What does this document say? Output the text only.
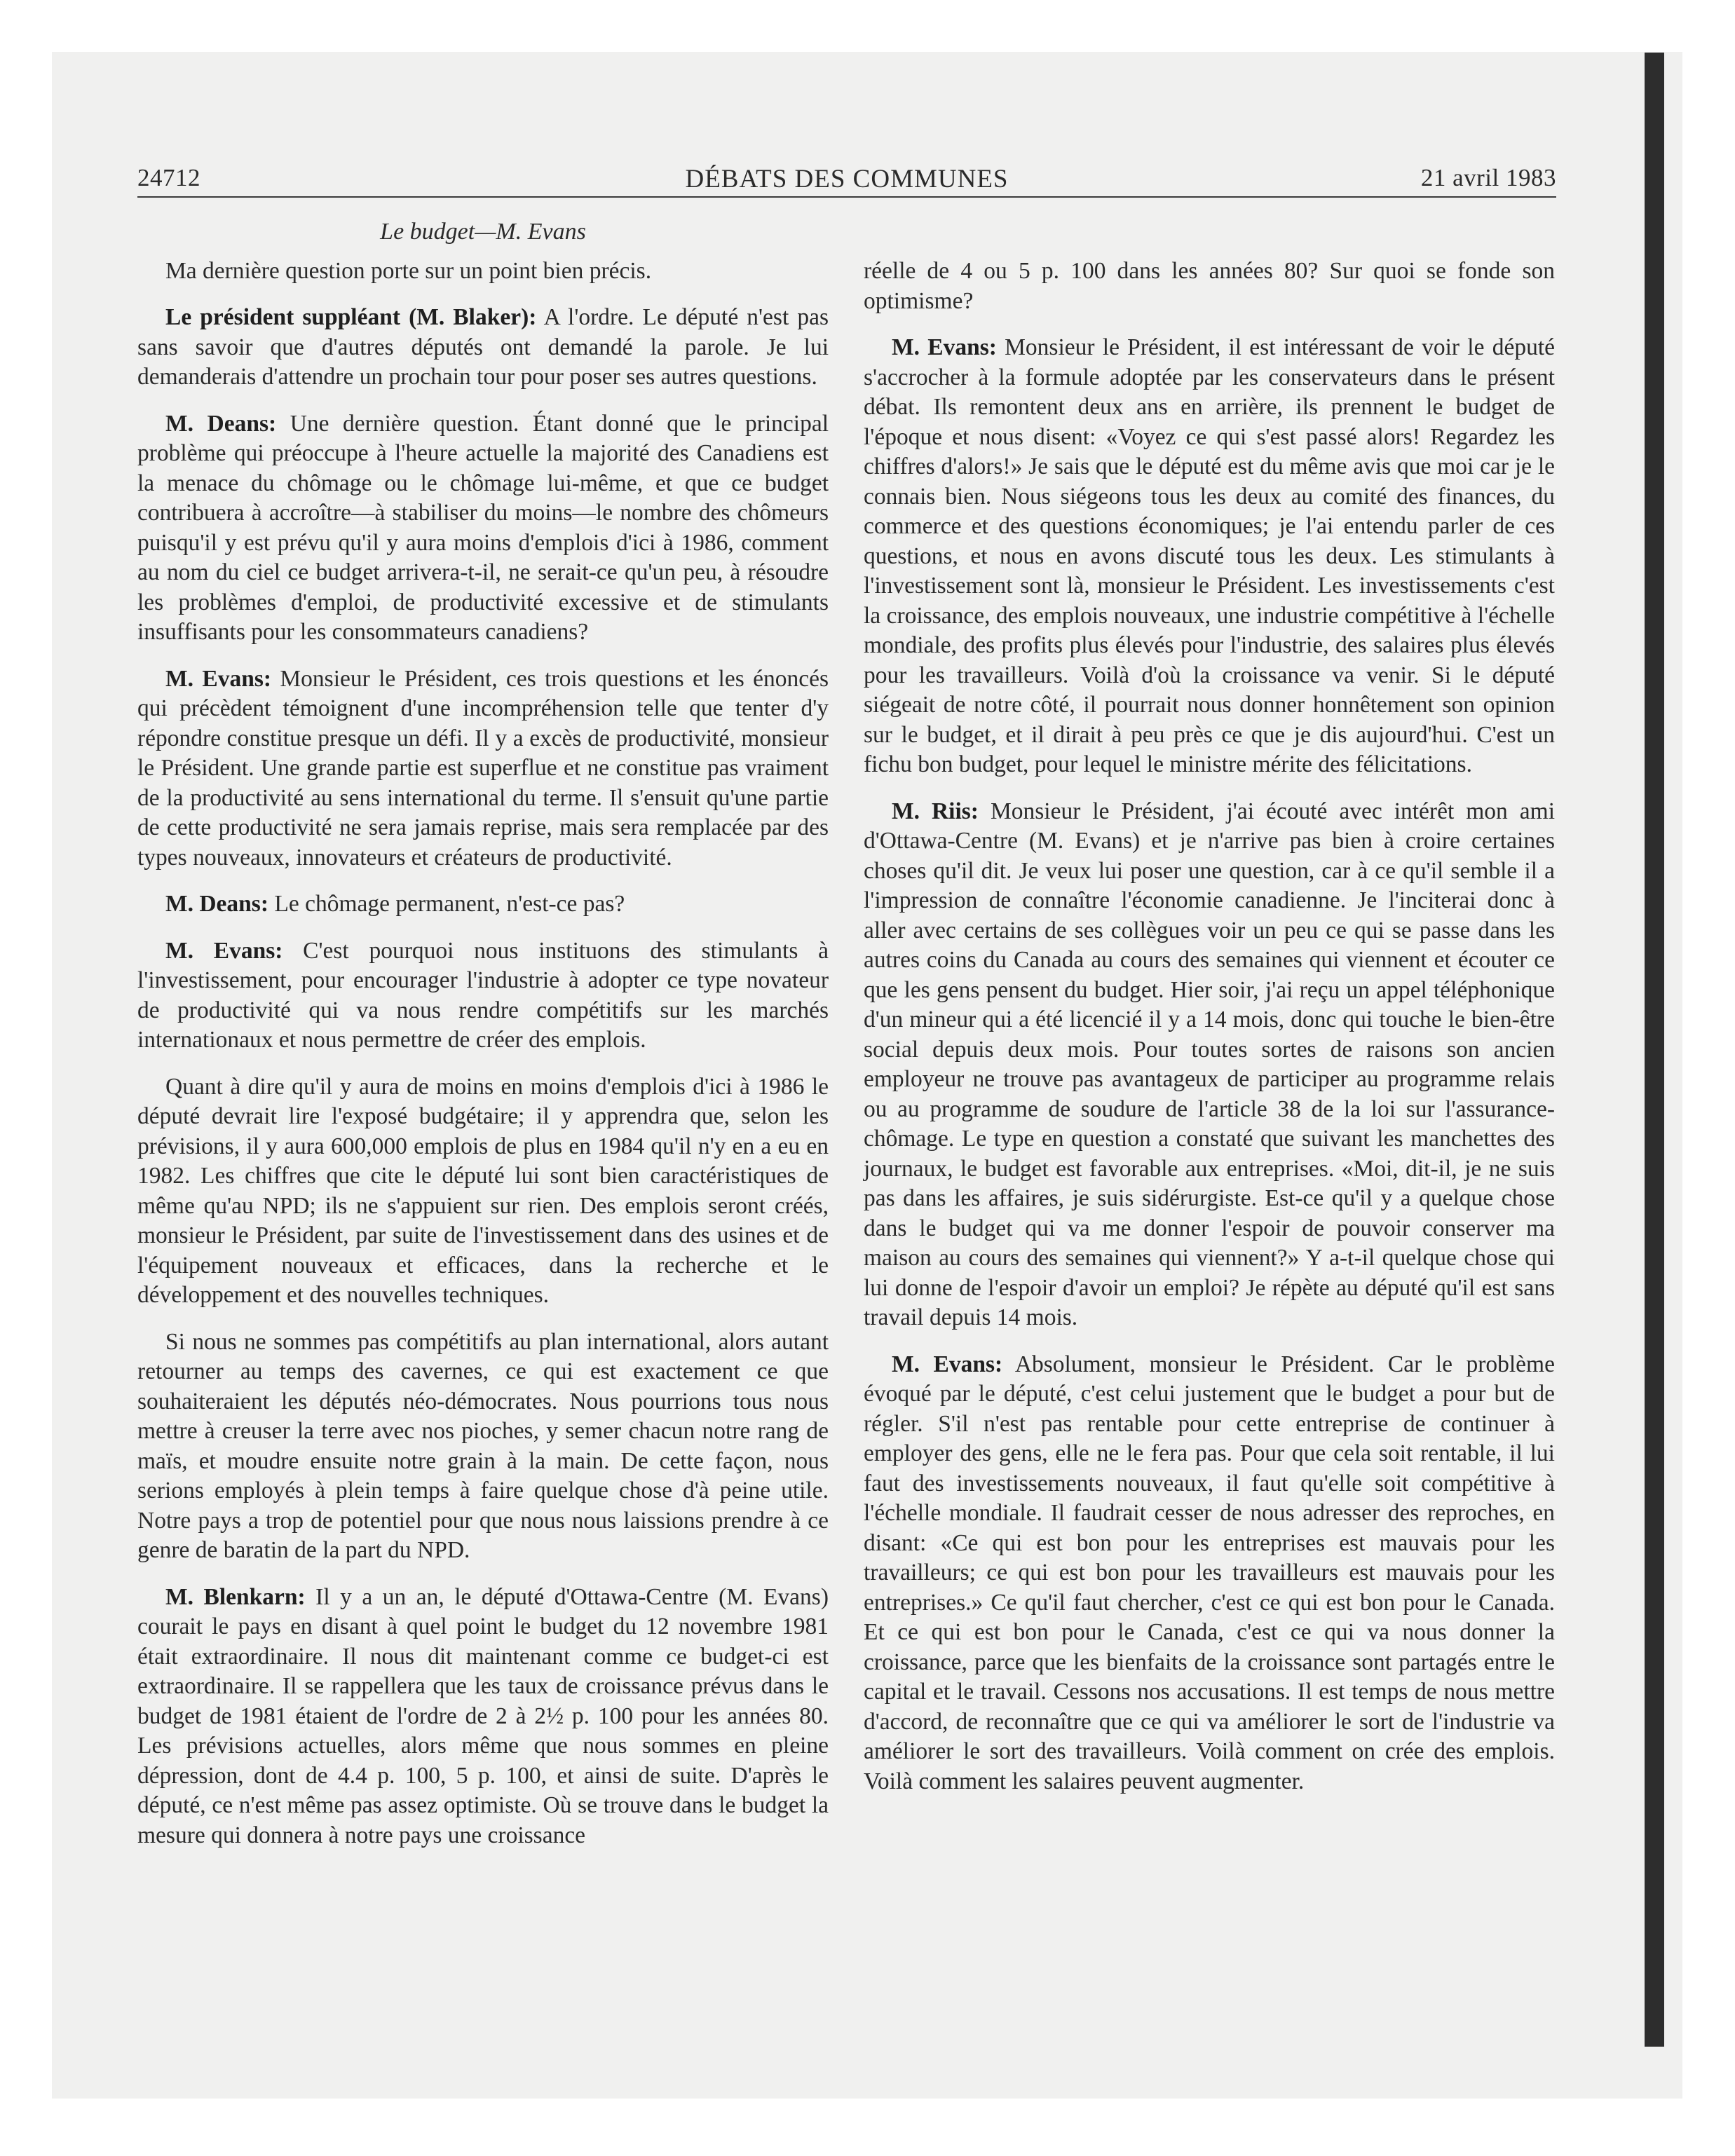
24712	DÉBATS DES COMMUNES	21 avril 1983

Le budget—M. Evans

Ma dernière question porte sur un point bien précis.

Le président suppléant (M. Blaker): A l'ordre. Le député n'est pas sans savoir que d'autres députés ont demandé la parole. Je lui demanderais d'attendre un prochain tour pour poser ses autres questions.

M. Deans: Une dernière question. Étant donné que le principal problème qui préoccupe à l'heure actuelle la majorité des Canadiens est la menace du chômage ou le chômage lui-même, et que ce budget contribuera à accroître—à stabiliser du moins—le nombre des chômeurs puisqu'il y est prévu qu'il y aura moins d'emplois d'ici à 1986, comment au nom du ciel ce budget arrivera-t-il, ne serait-ce qu'un peu, à résoudre les problèmes d'emploi, de productivité excessive et de stimulants insuffisants pour les consommateurs canadiens?

M. Evans: Monsieur le Président, ces trois questions et les énoncés qui précèdent témoignent d'une incompréhension telle que tenter d'y répondre constitue presque un défi. Il y a excès de productivité, monsieur le Président. Une grande partie est superflue et ne constitue pas vraiment de la productivité au sens international du terme. Il s'ensuit qu'une partie de cette productivité ne sera jamais reprise, mais sera remplacée par des types nouveaux, innovateurs et créateurs de productivité.

M. Deans: Le chômage permanent, n'est-ce pas?

M. Evans: C'est pourquoi nous instituons des stimulants à l'investissement, pour encourager l'industrie à adopter ce type novateur de productivité qui va nous rendre compétitifs sur les marchés internationaux et nous permettre de créer des emplois.

Quant à dire qu'il y aura de moins en moins d'emplois d'ici à 1986 le député devrait lire l'exposé budgétaire; il y apprendra que, selon les prévisions, il y aura 600,000 emplois de plus en 1984 qu'il n'y en a eu en 1982. Les chiffres que cite le député lui sont bien caractéristiques de même qu'au NPD; ils ne s'appuient sur rien. Des emplois seront créés, monsieur le Président, par suite de l'investissement dans des usines et de l'équipement nouveaux et efficaces, dans la recherche et le développement et des nouvelles techniques.

Si nous ne sommes pas compétitifs au plan international, alors autant retourner au temps des cavernes, ce qui est exactement ce que souhaiteraient les députés néo-démocrates. Nous pourrions tous nous mettre à creuser la terre avec nos pioches, y semer chacun notre rang de maïs, et moudre ensuite notre grain à la main. De cette façon, nous serions employés à plein temps à faire quelque chose d'à peine utile. Notre pays a trop de potentiel pour que nous nous laissions prendre à ce genre de baratin de la part du NPD.

M. Blenkarn: Il y a un an, le député d'Ottawa-Centre (M. Evans) courait le pays en disant à quel point le budget du 12 novembre 1981 était extraordinaire. Il nous dit maintenant comme ce budget-ci est extraordinaire. Il se rappellera que les taux de croissance prévus dans le budget de 1981 étaient de l'ordre de 2 à 2½ p. 100 pour les années 80. Les prévisions actuelles, alors même que nous sommes en pleine dépression, dont de 4.4 p. 100, 5 p. 100, et ainsi de suite. D'après le député, ce n'est même pas assez optimiste. Où se trouve dans le budget la mesure qui donnera à notre pays une croissance

réelle de 4 ou 5 p. 100 dans les années 80? Sur quoi se fonde son optimisme?

M. Evans: Monsieur le Président, il est intéressant de voir le député s'accrocher à la formule adoptée par les conservateurs dans le présent débat. Ils remontent deux ans en arrière, ils prennent le budget de l'époque et nous disent: «Voyez ce qui s'est passé alors! Regardez les chiffres d'alors!» Je sais que le député est du même avis que moi car je le connais bien. Nous siégeons tous les deux au comité des finances, du commerce et des questions économiques; je l'ai entendu parler de ces questions, et nous en avons discuté tous les deux. Les stimulants à l'investissement sont là, monsieur le Président. Les investissements c'est la croissance, des emplois nouveaux, une industrie compétitive à l'échelle mondiale, des profits plus élevés pour l'industrie, des salaires plus élevés pour les travailleurs. Voilà d'où la croissance va venir. Si le député siégeait de notre côté, il pourrait nous donner honnêtement son opinion sur le budget, et il dirait à peu près ce que je dis aujourd'hui. C'est un fichu bon budget, pour lequel le ministre mérite des félicitations.

M. Riis: Monsieur le Président, j'ai écouté avec intérêt mon ami d'Ottawa-Centre (M. Evans) et je n'arrive pas bien à croire certaines choses qu'il dit. Je veux lui poser une question, car à ce qu'il semble il a l'impression de connaître l'économie canadienne. Je l'inciterai donc à aller avec certains de ses collègues voir un peu ce qui se passe dans les autres coins du Canada au cours des semaines qui viennent et écouter ce que les gens pensent du budget. Hier soir, j'ai reçu un appel téléphonique d'un mineur qui a été licencié il y a 14 mois, donc qui touche le bien-être social depuis deux mois. Pour toutes sortes de raisons son ancien employeur ne trouve pas avantageux de participer au programme relais ou au programme de soudure de l'article 38 de la loi sur l'assurance-chômage. Le type en question a constaté que suivant les manchettes des journaux, le budget est favorable aux entreprises. «Moi, dit-il, je ne suis pas dans les affaires, je suis sidérurgiste. Est-ce qu'il y a quelque chose dans le budget qui va me donner l'espoir de pouvoir conserver ma maison au cours des semaines qui viennent?» Y a-t-il quelque chose qui lui donne de l'espoir d'avoir un emploi? Je répète au député qu'il est sans travail depuis 14 mois.

M. Evans: Absolument, monsieur le Président. Car le problème évoqué par le député, c'est celui justement que le budget a pour but de régler. S'il n'est pas rentable pour cette entreprise de continuer à employer des gens, elle ne le fera pas. Pour que cela soit rentable, il lui faut des investissements nouveaux, il faut qu'elle soit compétitive à l'échelle mondiale. Il faudrait cesser de nous adresser des reproches, en disant: «Ce qui est bon pour les entreprises est mauvais pour les travailleurs; ce qui est bon pour les travailleurs est mauvais pour les entreprises.» Ce qu'il faut chercher, c'est ce qui est bon pour le Canada. Et ce qui est bon pour le Canada, c'est ce qui va nous donner la croissance, parce que les bienfaits de la croissance sont partagés entre le capital et le travail. Cessons nos accusations. Il est temps de nous mettre d'accord, de reconnaître que ce qui va améliorer le sort de l'industrie va améliorer le sort des travailleurs. Voilà comment on crée des emplois. Voilà comment les salaires peuvent augmenter.
